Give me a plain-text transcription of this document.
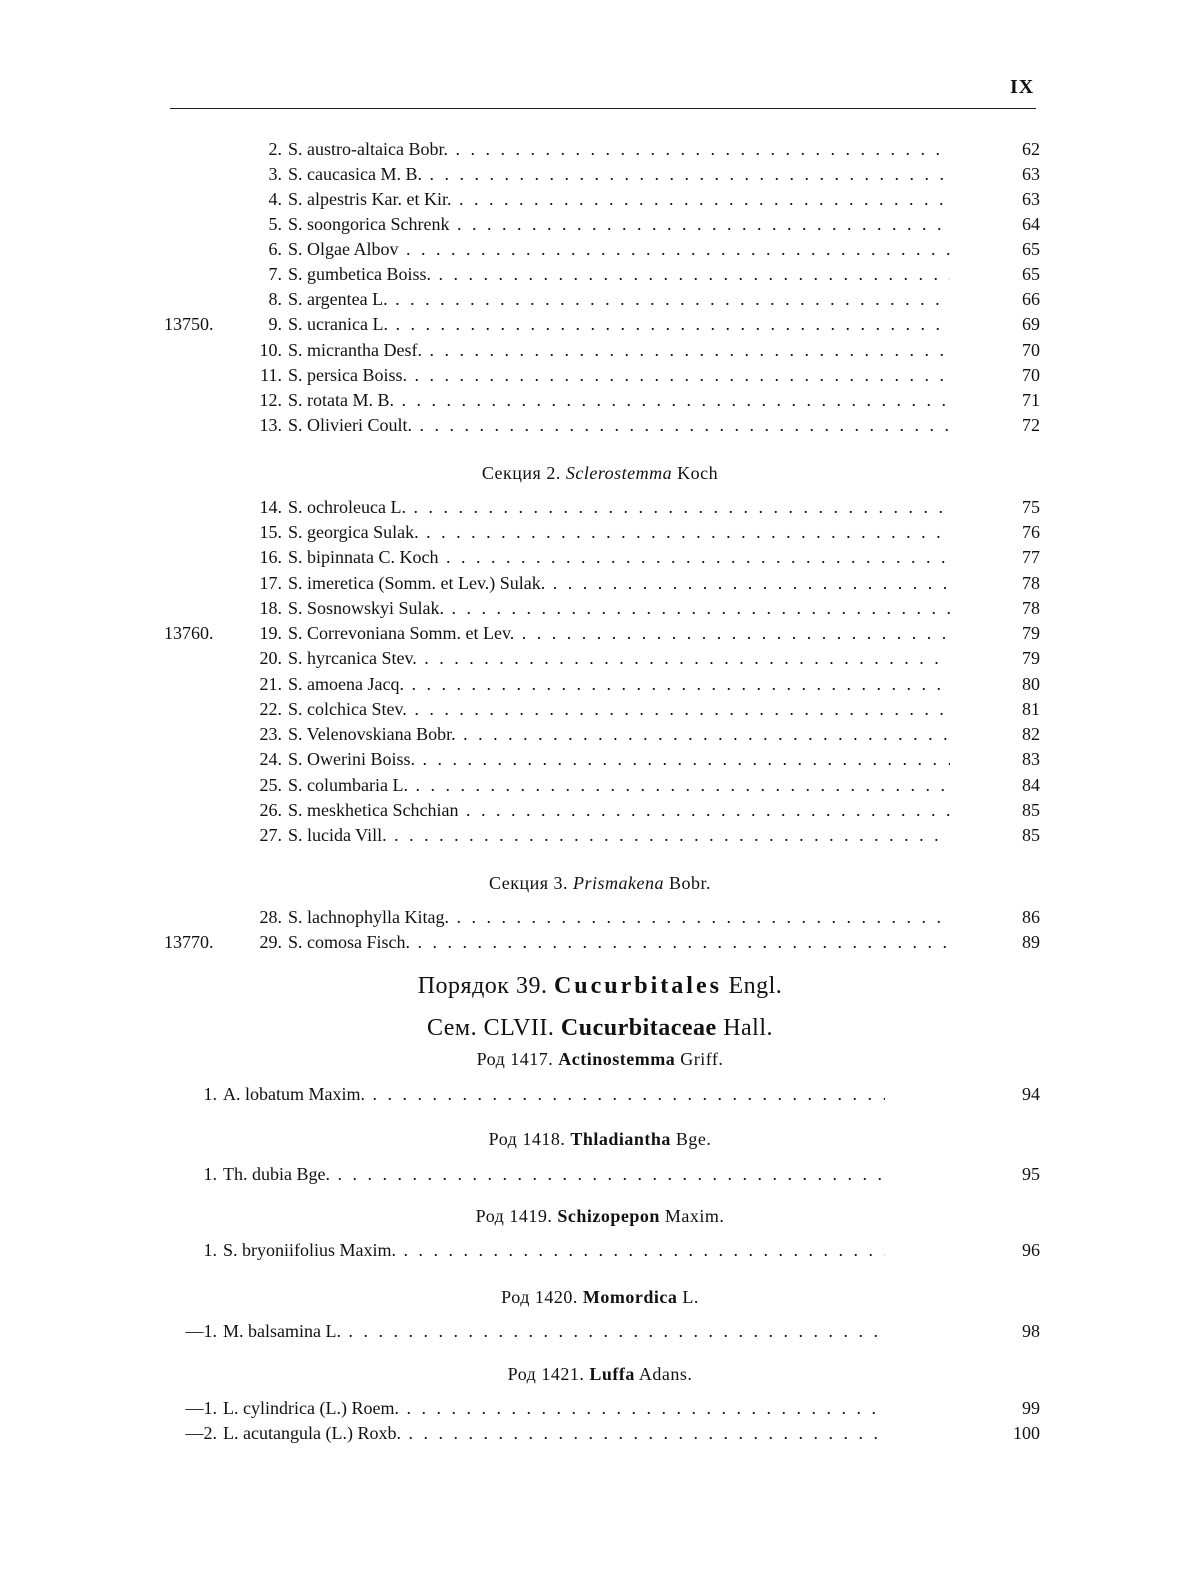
IX
2. S. austro-altaica Bobr. . . .	62
3. S. caucasica M. B. . . .	63
4. S. alpestris Kar. et Kir. . . .	63
5. S. soongorica Schrenk . . .	64
6. S. Olgae Albov . . .	65
7. S. gumbetica Boiss. . . .	65
8. S. argentea L. . . .	66
13750.	9. S. ucranica L. . . .	69
10. S. micrantha Desf. . . .	70
11. S. persica Boiss. . . .	70
12. S. rotata M. B. . . .	71
13. S. Olivieri Coult. . . .	72
Секция 2. Sclerostemma Koch
14. S. ochroleuca L. . . .	75
15. S. georgica Sulak. . . .	76
16. S. bipinnata C. Koch . . .	77
17. S. imeretica (Somm. et Lev.) Sulak. . . .	78
18. S. Sosnowskyi Sulak. . . .	78
13760.	19. S. Correvoniana Somm. et Lev. . . .	79
20. S. hyrcanica Stev. . . .	79
21. S. amoena Jacq. . . .	80
22. S. colchica Stev. . . .	81
23. S. Velenovskiana Bobr. . . .	82
24. S. Owerini Boiss. . . .	83
25. S. columbaria L. . . .	84
26. S. meskhetica Schchian . . .	85
27. S. lucida Vill. . . .	85
Секция 3. Prismakena Bobr.
28. S. lachnophylla Kitag. . . .	86
13770.	29. S. comosa Fisch. . . .	89
Порядок 39. Cucurbitales Engl.
Сем. CLVII. Cucurbitaceae Hall.
Род 1417. Actinostemma Griff.
1. A. lobatum Maxim. . . .	94
Род 1418. Thladiantha Bge.
1. Th. dubia Bge. . . .	95
Род 1419. Schizopepon Maxim.
1. S. bryoniifolius Maxim. . . .	96
Род 1420. Momordica L.
—1. M. balsamina L. . . .	98
Род 1421. Luffa Adans.
—1. L. cylindrica (L.) Roem. . . .	99
—2. L. acutangula (L.) Roxb. . . .	100
